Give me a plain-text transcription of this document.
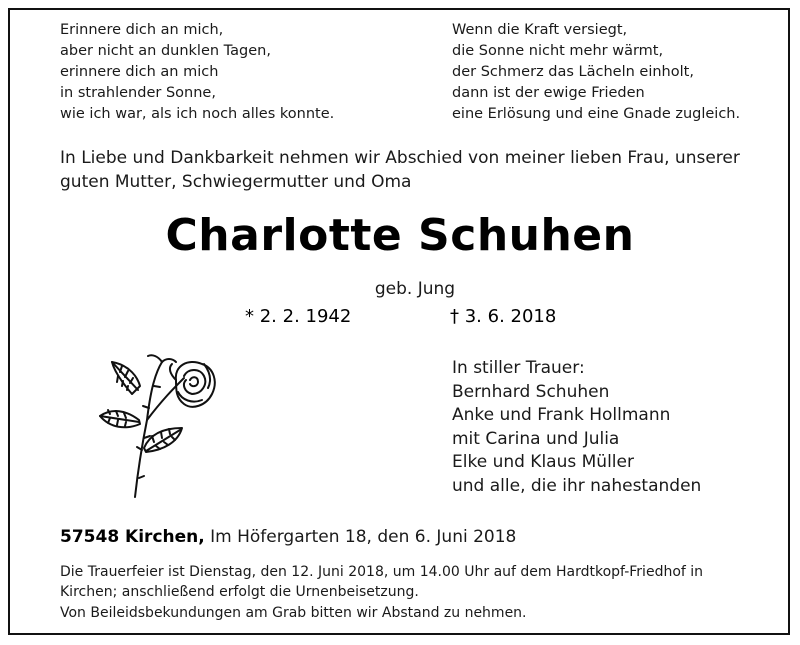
Erinnere dich an mich,
aber nicht an dunklen Tagen,
erinnere dich an mich
in strahlender Sonne,
wie ich war, als ich noch alles konnte.
Wenn die Kraft versiegt,
die Sonne nicht mehr wärmt,
der Schmerz das Lächeln einholt,
dann ist der ewige Frieden
eine Erlösung und eine Gnade zugleich.
In Liebe und Dankbarkeit nehmen wir Abschied von meiner lieben Frau, unserer
guten Mutter, Schwiegermutter und Oma
Charlotte Schuhen
geb. Jung
* 2. 2. 1942	† 3. 6. 2018
In stiller Trauer:
Bernhard Schuhen
Anke und Frank Hollmann
mit Carina und Julia
Elke und Klaus Müller
und alle, die ihr nahestanden
57548 Kirchen, Im Höfergarten 18, den 6. Juni 2018
Die Trauerfeier ist Dienstag, den 12. Juni 2018, um 14.00 Uhr auf dem Hardtkopf-Friedhof in
Kirchen; anschließend erfolgt die Urnenbeisetzung.
Von Beileidsbekundungen am Grab bitten wir Abstand zu nehmen.
